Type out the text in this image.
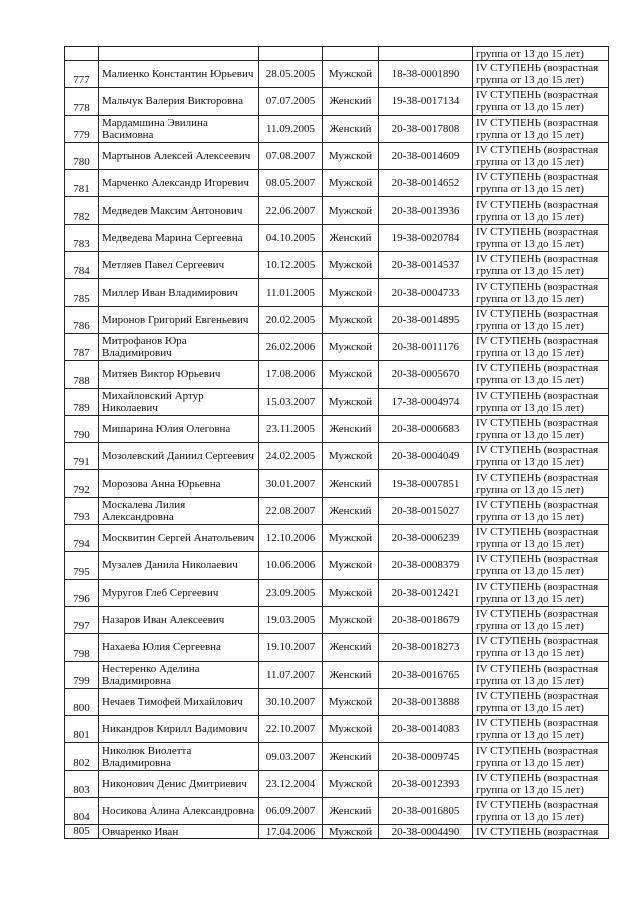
					группа от 13 до 15 лет)

777	Малиенко Константин Юрьевич	28.05.2005	Мужской	18-38-0001890	IV СТУПЕНЬ (возрастная
группа от 13 до 15 лет)

778	Мальчук Валерия Викторовна	07.07.2005	Женский	19-38-0017134	IV СТУПЕНЬ (возрастная
группа от 13 до 15 лет)

779	Мардамшина Эвилина Васимовна	11.09.2005	Женский	20-38-0017808	IV СТУПЕНЬ (возрастная
группа от 13 до 15 лет)

780	Мартынов Алексей Алексеевич	07.08.2007	Мужской	20-38-0014609	IV СТУПЕНЬ (возрастная
группа от 13 до 15 лет)

781	Марченко Александр Игоревич	08.05.2007	Мужской	20-38-0014652	IV СТУПЕНЬ (возрастная
группа от 13 до 15 лет)

782	Медведев Максим Антонович	22.06.2007	Мужской	20-38-0013936	IV СТУПЕНЬ (возрастная
группа от 13 до 15 лет)

783	Медведева Марина Сергеевна	04.10.2005	Женский	19-38-0020784	IV СТУПЕНЬ (возрастная
группа от 13 до 15 лет)

784	Метляев Павел Сергеевич	10.12.2005	Мужской	20-38-0014537	IV СТУПЕНЬ (возрастная
группа от 13 до 15 лет)

785	Миллер Иван Владимирович	11.01.2005	Мужской	20-38-0004733	IV СТУПЕНЬ (возрастная
группа от 13 до 15 лет)

786	Миронов Григорий Евгеньевич	20.02.2005	Мужской	20-38-0014895	IV СТУПЕНЬ (возрастная
группа от 13 до 15 лет)

787	Митрофанов Юра Владимирович	26.02.2006	Мужской	20-38-0011176	IV СТУПЕНЬ (возрастная
группа от 13 до 15 лет)

788	Митяев Виктор Юрьевич	17.08.2006	Мужской	20-38-0005670	IV СТУПЕНЬ (возрастная
группа от 13 до 15 лет)

789	Михайловский Артур Николаевич	15.03.2007	Мужской	17-38-0004974	IV СТУПЕНЬ (возрастная
группа от 13 до 15 лет)

790	Мишарина Юлия Олеговна	23.11.2005	Женский	20-38-0006683	IV СТУПЕНЬ (возрастная
группа от 13 до 15 лет)

791	Мозолевский Даниил Сергеевич	24.02.2005	Мужской	20-38-0004049	IV СТУПЕНЬ (возрастная
группа от 13 до 15 лет)

792	Морозова Анна Юрьевна	30.01.2007	Женский	19-38-0007851	IV СТУПЕНЬ (возрастная
группа от 13 до 15 лет)

793	Москалева Лилия Александровна	22.08.2007	Женский	20-38-0015027	IV СТУПЕНЬ (возрастная
группа от 13 до 15 лет)

794	Москвитин Сергей Анатольевич	12.10.2006	Мужской	20-38-0006239	IV СТУПЕНЬ (возрастная
группа от 13 до 15 лет)

795	Музалев Данила Николаевич	10.06.2006	Мужской	20-38-0008379	IV СТУПЕНЬ (возрастная
группа от 13 до 15 лет)

796	Муругов Глеб Сергеевич	23.09.2005	Мужской	20-38-0012421	IV СТУПЕНЬ (возрастная
группа от 13 до 15 лет)

797	Назаров Иван Алексеевич	19.03.2005	Мужской	20-38-0018679	IV СТУПЕНЬ (возрастная
группа от 13 до 15 лет)

798	Нахаева Юлия Сергеевна	19.10.2007	Женский	20-38-0018273	IV СТУПЕНЬ (возрастная
группа от 13 до 15 лет)

799	Нестеренко Аделина Владимировна	11.07.2007	Женский	20-38-0016765	IV СТУПЕНЬ (возрастная
группа от 13 до 15 лет)

800	Нечаев Тимофей Михайлович	30.10.2007	Мужской	20-38-0013888	IV СТУПЕНЬ (возрастная
группа от 13 до 15 лет)

801	Никандров Кирилл Вадимович	22.10.2007	Мужской	20-38-0014083	IV СТУПЕНЬ (возрастная
группа от 13 до 15 лет)

802	Николюк Виолетта Владимировна	09.03.2007	Женский	20-38-0009745	IV СТУПЕНЬ (возрастная
группа от 13 до 15 лет)

803	Никонович Денис Дмитриевич	23.12.2004	Мужской	20-38-0012393	IV СТУПЕНЬ (возрастная
группа от 13 до 15 лет)

804	Носикова Алина Александровна	06.09.2007	Женский	20-38-0016805	IV СТУПЕНЬ (возрастная
группа от 13 до 15 лет)

805	Овчаренко Иван	17.04.2006	Мужской	20-38-0004490	IV СТУПЕНЬ (возрастная
